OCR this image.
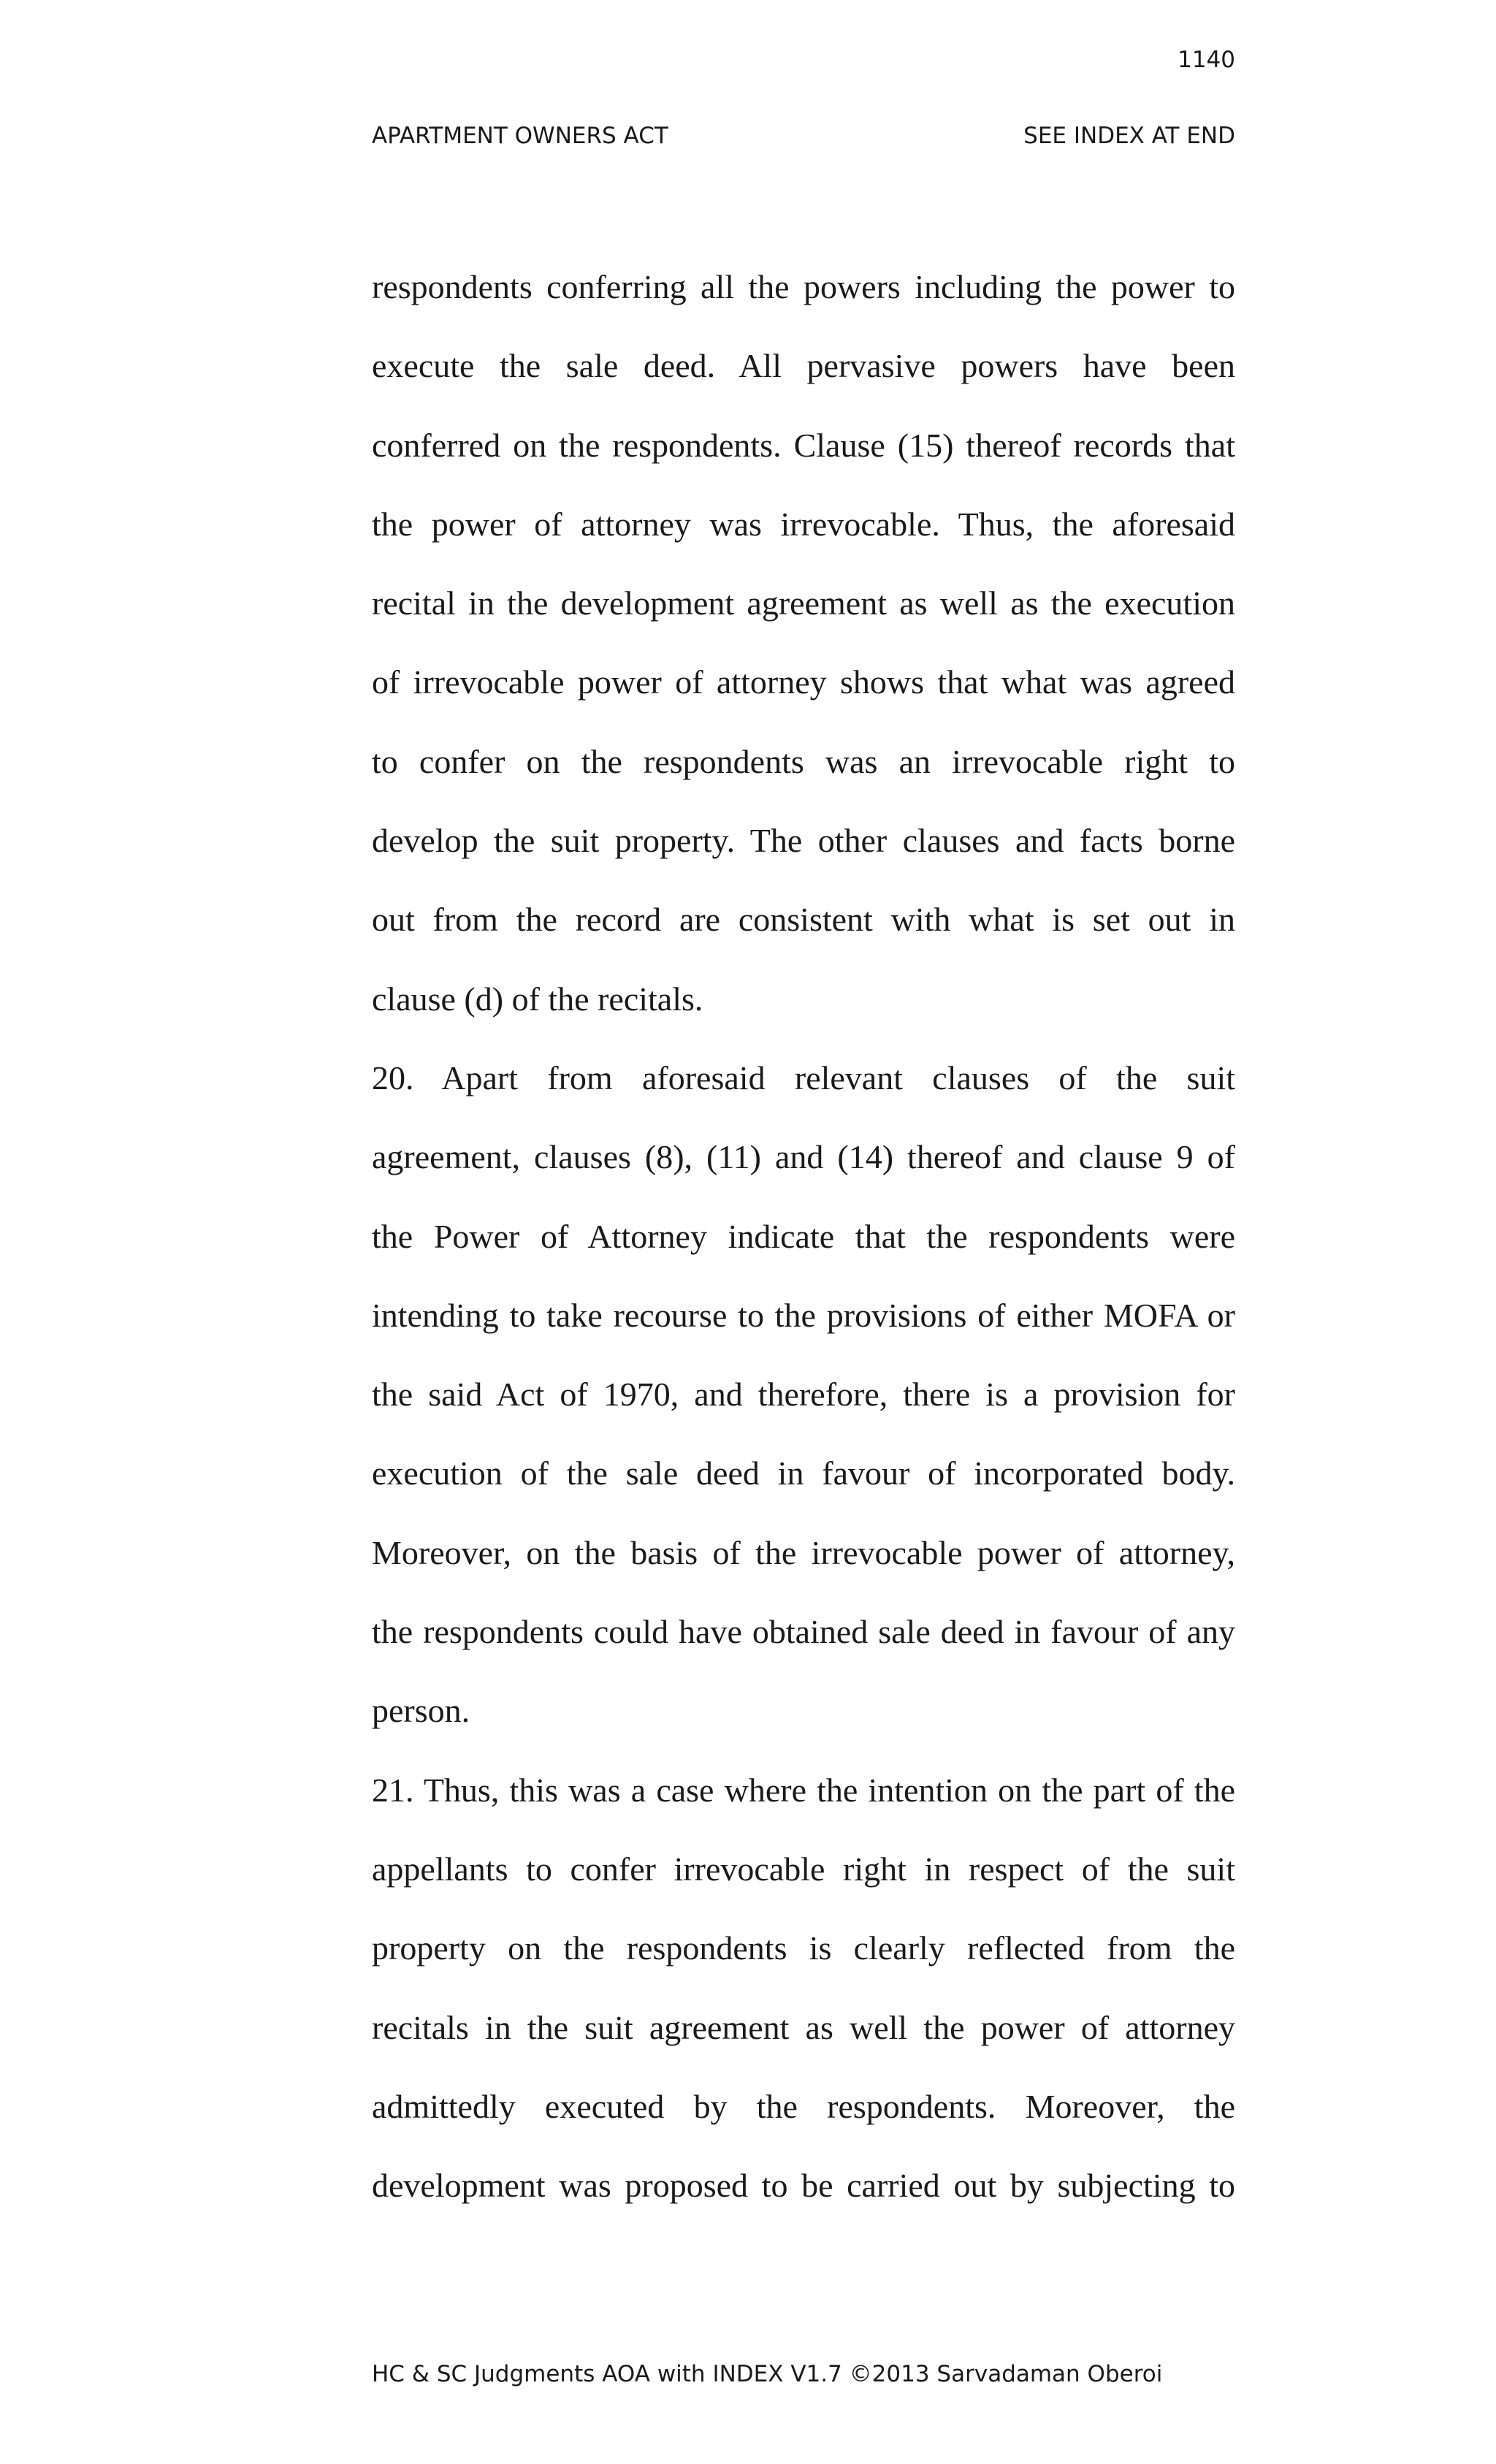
1140
APARTMENT OWNERS ACT	SEE INDEX AT END
respondents conferring all the powers including the power to
execute the sale deed. All pervasive powers have been
conferred on the respondents. Clause (15) thereof records that
the power of attorney was irrevocable. Thus, the aforesaid
recital in the development agreement as well as the execution
of irrevocable power of attorney shows that what was agreed
to confer on the respondents was an irrevocable right to
develop the suit property. The other clauses and facts borne
out from the record are consistent with what is set out in
clause (d) of the recitals.
20. Apart from aforesaid relevant clauses of the suit
agreement, clauses (8), (11) and (14) thereof and clause 9 of
the Power of Attorney indicate that the respondents were
intending to take recourse to the provisions of either MOFA or
the said Act of 1970, and therefore, there is a provision for
execution of the sale deed in favour of incorporated body.
Moreover, on the basis of the irrevocable power of attorney,
the respondents could have obtained sale deed in favour of any
person.
21. Thus, this was a case where the intention on the part of the
appellants to confer irrevocable right in respect of the suit
property on the respondents is clearly reflected from the
recitals in the suit agreement as well the power of attorney
admittedly executed by the respondents. Moreover, the
development was proposed to be carried out by subjecting to
HC & SC Judgments AOA with INDEX V1.7 ©2013 Sarvadaman Oberoi
